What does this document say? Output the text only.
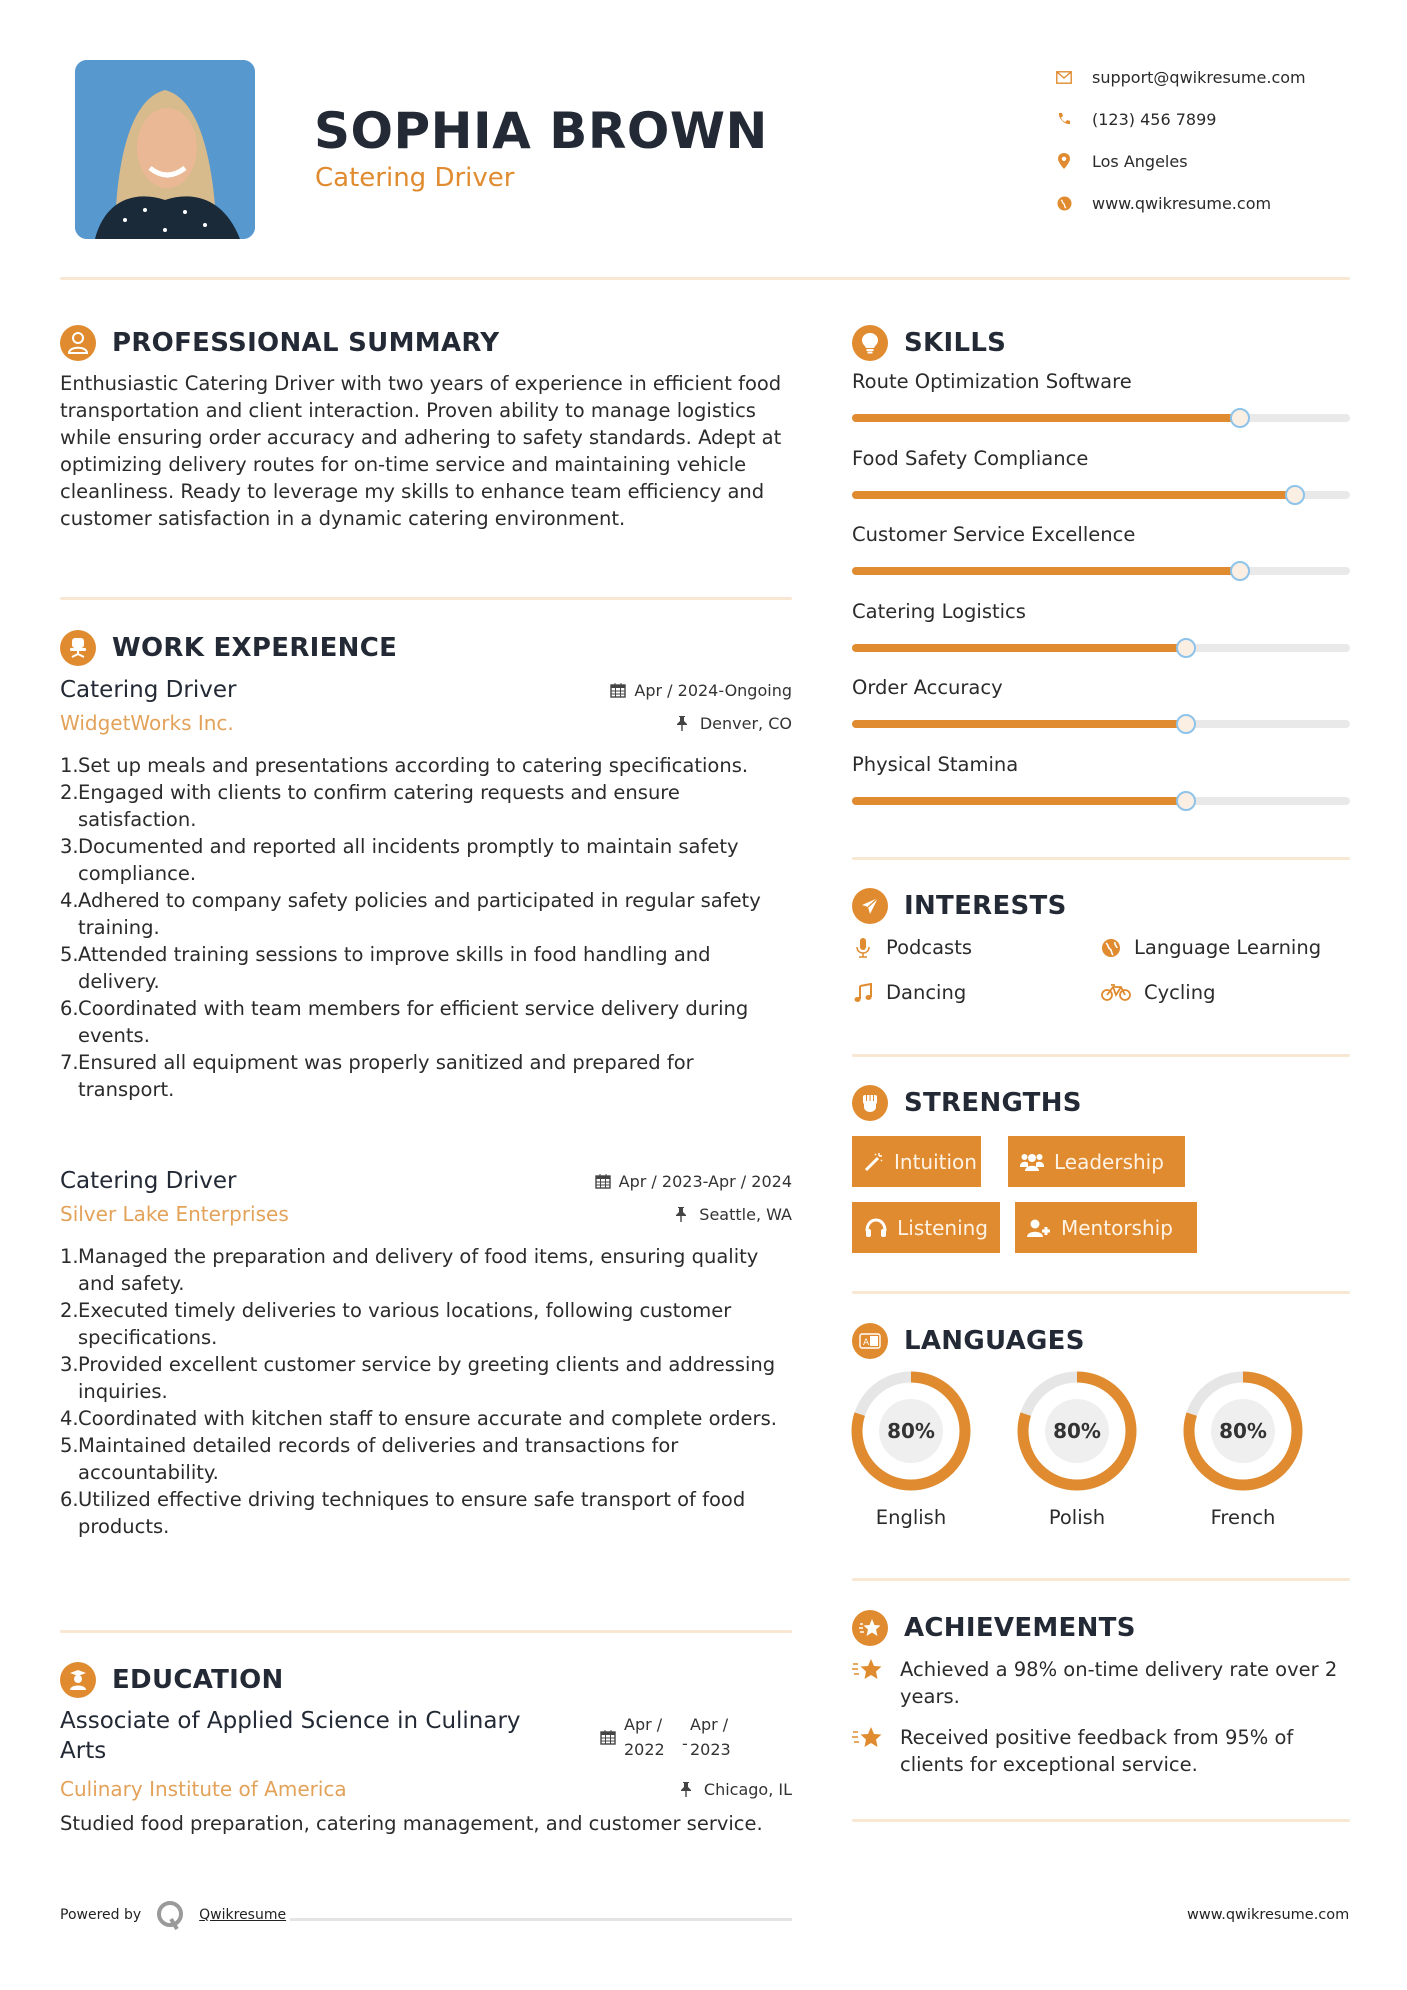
SOPHIA BROWN
Catering Driver
support@qwikresume.com
(123) 456 7899
Los Angeles
www.qwikresume.com
PROFESSIONAL SUMMARY
Enthusiastic Catering Driver with two years of experience in efficient food transportation and client interaction. Proven ability to manage logistics while ensuring order accuracy and adhering to safety standards. Adept at optimizing delivery routes for on-time service and maintaining vehicle cleanliness. Ready to leverage my skills to enhance team efficiency and customer satisfaction in a dynamic catering environment.
WORK EXPERIENCE
Catering Driver	Apr / 2024-Ongoing
WidgetWorks Inc.	Denver, CO
Set up meals and presentations according to catering specifications.
Engaged with clients to confirm catering requests and ensure satisfaction.
Documented and reported all incidents promptly to maintain safety compliance.
Adhered to company safety policies and participated in regular safety training.
Attended training sessions to improve skills in food handling and delivery.
Coordinated with team members for efficient service delivery during events.
Ensured all equipment was properly sanitized and prepared for transport.
Catering Driver	Apr / 2023-Apr / 2024
Silver Lake Enterprises	Seattle, WA
Managed the preparation and delivery of food items, ensuring quality and safety.
Executed timely deliveries to various locations, following customer specifications.
Provided excellent customer service by greeting clients and addressing inquiries.
Coordinated with kitchen staff to ensure accurate and complete orders.
Maintained detailed records of deliveries and transactions for accountability.
Utilized effective driving techniques to ensure safe transport of food products.
EDUCATION
Associate of Applied Science in Culinary Arts
Apr /
2022	-
Apr /
2023
Culinary Institute of America	Chicago, IL
Studied food preparation, catering management, and customer service.
SKILLS
Route Optimization Software
Food Safety Compliance
Customer Service Excellence
Catering Logistics
Order Accuracy
Physical Stamina
INTERESTS
Podcasts	Language Learning
Dancing	Cycling
STRENGTHS
Intuition	Leadership
Listening	Mentorship
A LANGUAGES
80%
English
80%
Polish
80%
French
ACHIEVEMENTS
Achieved a 98% on-time delivery rate over 2 years.
Received positive feedback from 95% of clients for exceptional service.
Powered by	Qwikresume	www.qwikresume.com
